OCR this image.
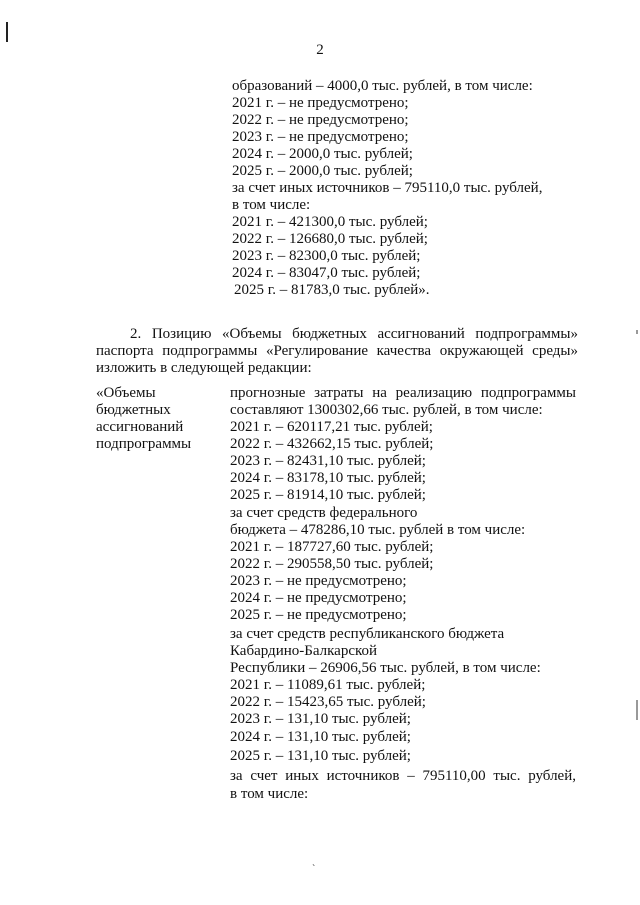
2
образований – 4000,0 тыс. рублей, в том числе:
2021 г. – не предусмотрено;
2022 г. – не предусмотрено;
2023 г. – не предусмотрено;
2024 г. – 2000,0 тыс. рублей;
2025 г. – 2000,0 тыс. рублей;
за счет иных источников – 795110,0 тыс. рублей,
в том числе:
2021 г. – 421300,0 тыс. рублей;
2022 г. – 126680,0 тыс. рублей;
2023 г. – 82300,0 тыс. рублей;
2024 г. – 83047,0 тыс. рублей;
2025 г. – 81783,0 тыс. рублей».
2. Позицию «Объемы бюджетных ассигнований подпрограммы»
паспорта подпрограммы «Регулирование качества окружающей среды»
изложить в следующей редакции:
«Объемы
бюджетных
ассигнований
подпрограммы
прогнозные затраты на реализацию подпрограммы
составляют 1300302,66 тыс. рублей, в том числе:
2021 г. – 620117,21 тыс. рублей;
2022 г. – 432662,15 тыс. рублей;
2023 г. – 82431,10 тыс. рублей;
2024 г. – 83178,10 тыс. рублей;
2025 г. – 81914,10 тыс. рублей;
за счет средств федерального
бюджета – 478286,10 тыс. рублей в том числе:
2021 г. – 187727,60 тыс. рублей;
2022 г. – 290558,50 тыс. рублей;
2023 г. – не предусмотрено;
2024 г. – не предусмотрено;
2025 г. – не предусмотрено;
за счет средств республиканского бюджета
Кабардино-Балкарской
Республики – 26906,56 тыс. рублей, в том числе:
2021 г. – 11089,61 тыс. рублей;
2022 г. – 15423,65 тыс. рублей;
2023 г. – 131,10 тыс. рублей;
2024 г. – 131,10 тыс. рублей;
2025 г. – 131,10 тыс. рублей;
за счет иных источников – 795110,00 тыс. рублей,
в том числе:
`
